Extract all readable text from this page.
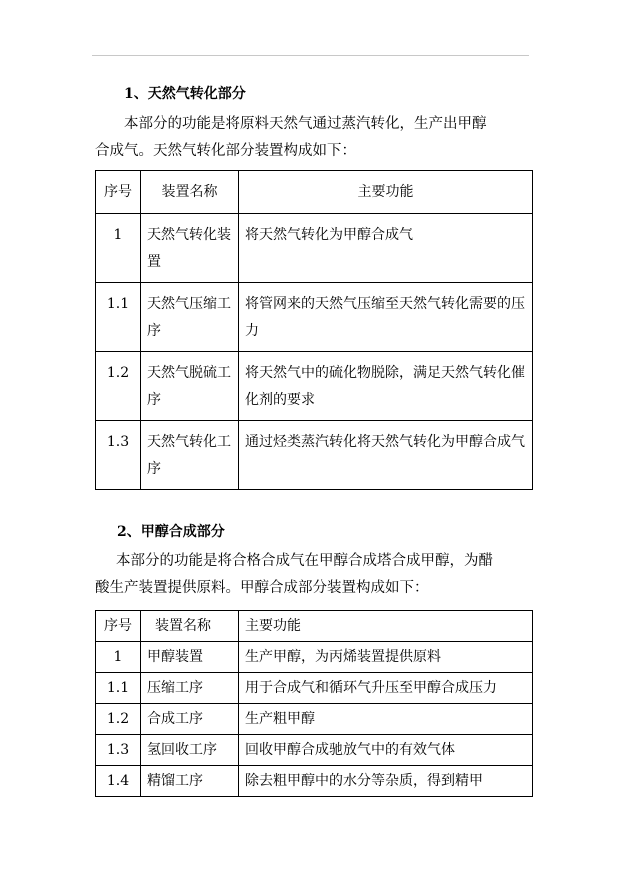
1、天然气转化部分
本部分的功能是将原料天然气通过蒸汽转化，生产出甲醇
合成气。天然气转化部分装置构成如下：
序号	装置名称	主要功能
1	天然气转化装置	将天然气转化为甲醇合成气
1.1	天然气压缩工序	将管网来的天然气压缩至天然气转化需要的压力
1.2	天然气脱硫工序	将天然气中的硫化物脱除，满足天然气转化催化剂的要求
1.3	天然气转化工序	通过烃类蒸汽转化将天然气转化为甲醇合成气
2、甲醇合成部分
本部分的功能是将合格合成气在甲醇合成塔合成甲醇，为醋
酸生产装置提供原料。甲醇合成部分装置构成如下：
序号	装置名称	主要功能
1	甲醇装置	生产甲醇，为丙烯装置提供原料
1.1	压缩工序	用于合成气和循环气升压至甲醇合成压力
1.2	合成工序	生产粗甲醇
1.3	氢回收工序	回收甲醇合成驰放气中的有效气体
1.4	精馏工序	除去粗甲醇中的水分等杂质，得到精甲
